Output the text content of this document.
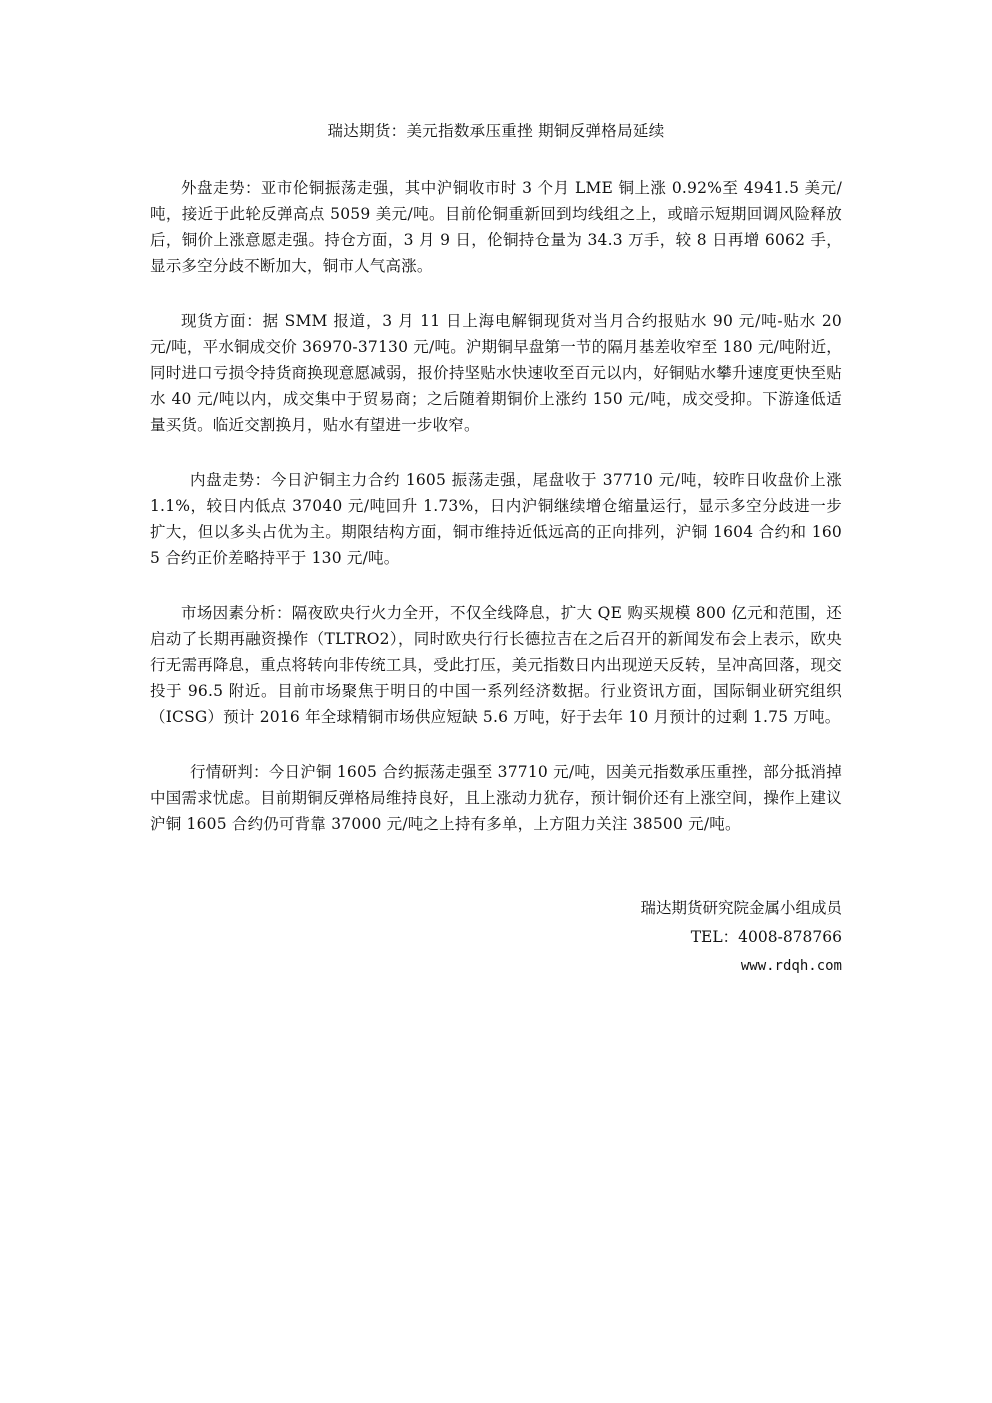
瑞达期货：美元指数承压重挫 期铜反弹格局延续

外盘走势：亚市伦铜振荡走强，其中沪铜收市时 3 个月 LME 铜上涨 0.92%至 4941.5 美元/吨，接近于此轮反弹高点 5059 美元/吨。目前伦铜重新回到均线组之上，或暗示短期回调风险释放后，铜价上涨意愿走强。持仓方面，3 月 9 日，伦铜持仓量为 34.3 万手，较 8 日再增 6062 手，显示多空分歧不断加大，铜市人气高涨。

现货方面：据 SMM 报道，3 月 11 日上海电解铜现货对当月合约报贴水 90 元/吨-贴水 20 元/吨，平水铜成交价 36970-37130 元/吨。沪期铜早盘第一节的隔月基差收窄至 180 元/吨附近，同时进口亏损令持货商换现意愿减弱，报价持坚贴水快速收至百元以内，好铜贴水攀升速度更快至贴水 40 元/吨以内，成交集中于贸易商；之后随着期铜价上涨约 150 元/吨，成交受抑。下游逢低适量买货。临近交割换月，贴水有望进一步收窄。

内盘走势：今日沪铜主力合约 1605 振荡走强，尾盘收于 37710 元/吨，较昨日收盘价上涨 1.1%，较日内低点 37040 元/吨回升 1.73%，日内沪铜继续增仓缩量运行，显示多空分歧进一步扩大，但以多头占优为主。期限结构方面，铜市维持近低远高的正向排列，沪铜 1604 合约和 1605 合约正价差略持平于 130 元/吨。

市场因素分析：隔夜欧央行火力全开，不仅全线降息，扩大 QE 购买规模 800 亿元和范围，还启动了长期再融资操作（TLTRO2），同时欧央行行长德拉吉在之后召开的新闻发布会上表示，欧央行无需再降息，重点将转向非传统工具，受此打压，美元指数日内出现逆天反转，呈冲高回落，现交投于 96.5 附近。目前市场聚焦于明日的中国一系列经济数据。行业资讯方面，国际铜业研究组织（ICSG）预计 2016 年全球精铜市场供应短缺 5.6 万吨，好于去年 10 月预计的过剩 1.75 万吨。

行情研判：今日沪铜 1605 合约振荡走强至 37710 元/吨，因美元指数承压重挫，部分抵消掉中国需求忧虑。目前期铜反弹格局维持良好，且上涨动力犹存，预计铜价还有上涨空间，操作上建议沪铜 1605 合约仍可背靠 37000 元/吨之上持有多单，上方阻力关注 38500 元/吨。

瑞达期货研究院金属小组成员
TEL：4008-878766
www.rdqh.com
